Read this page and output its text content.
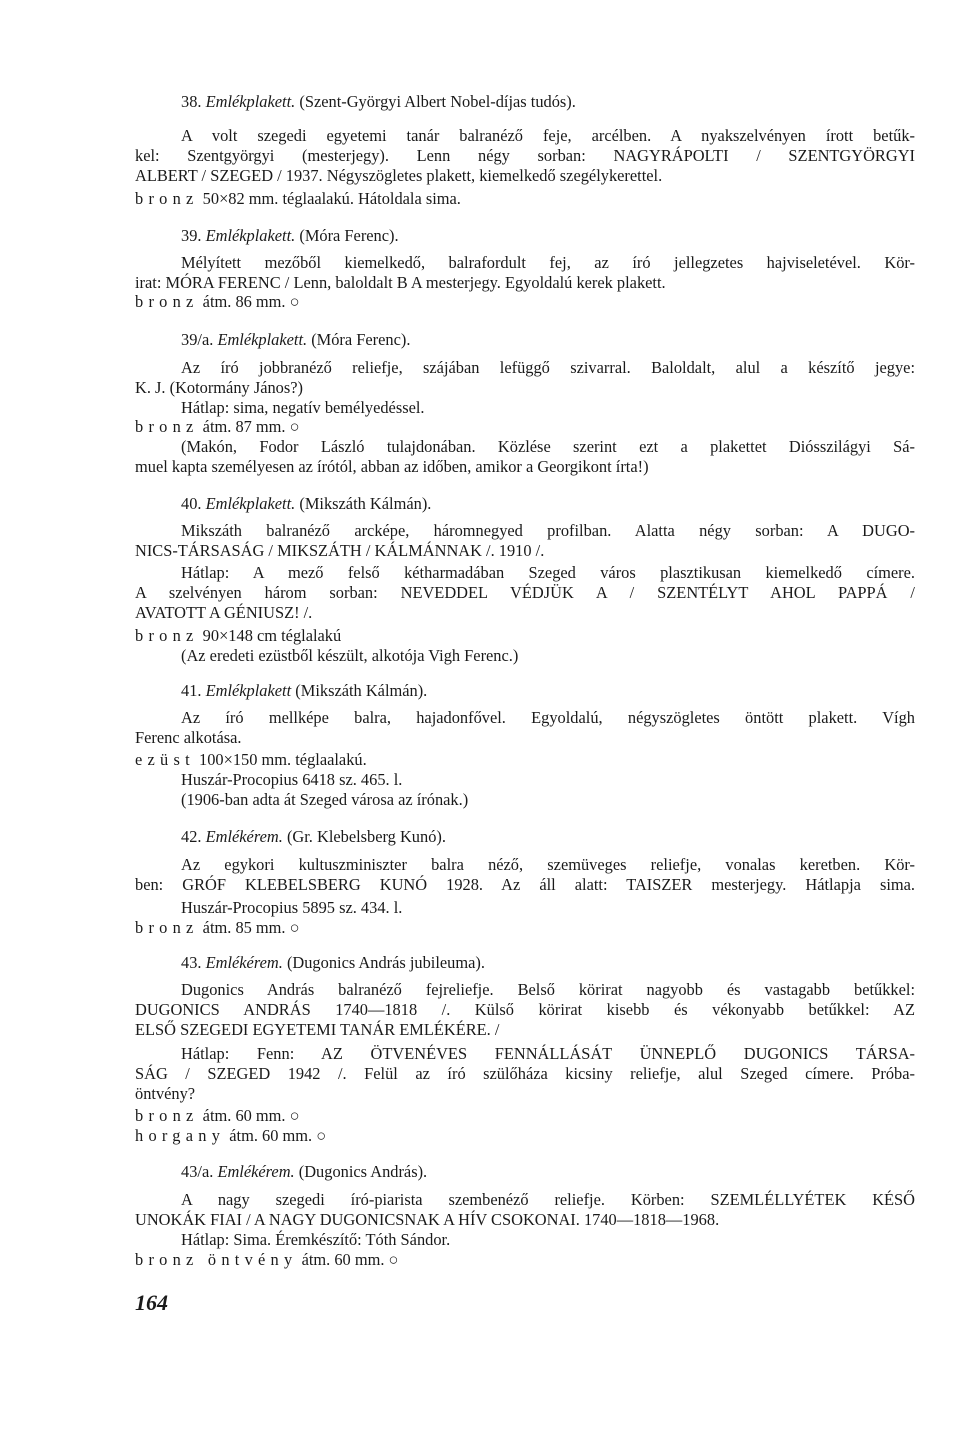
38. Emlékplakett. (Szent-Györgyi Albert Nobel-díjas tudós).
A volt szegedi egyetemi tanár balranéző feje, arcélben. A nyakszelvényen írott betűk-
kel: Szentgyörgyi (mesterjegy). Lenn négy sorban: NAGYRÁPOLTI / SZENTGYÖRGYI
ALBERT / SZEGED / 1937. Négyszögletes plakett, kiemelkedő szegélykerettel.
bronz 50×82 mm. téglaalakú. Hátoldala sima.
39. Emlékplakett. (Móra Ferenc).
Mélyített mezőből kiemelkedő, balrafordult fej, az író jellegzetes hajviseletével. Kör-
irat: MÓRA FERENC / Lenn, baloldalt B A mesterjegy. Egyoldalú kerek plakett.
bronz átm. 86 mm. ○
39/a. Emlékplakett. (Móra Ferenc).
Az író jobbranéző reliefje, szájában lefüggő szivarral. Baloldalt, alul a készítő jegye:
K. J. (Kotormány János?)
Hátlap: sima, negatív bemélyedéssel.
bronz átm. 87 mm. ○
(Makón, Fodor László tulajdonában. Közlése szerint ezt a plakettet Diósszilágyi Sá-
muel kapta személyesen az írótól, abban az időben, amikor a Georgikont írta!)
40. Emlékplakett. (Mikszáth Kálmán).
Mikszáth balranéző arcképe, háromnegyed profilban. Alatta négy sorban: A DUGO-
NICS-TÁRSASÁG / MIKSZÁTH / KÁLMÁNNAK /. 1910 /.
Hátlap: A mező felső kétharmadában Szeged város plasztikusan kiemelkedő címere.
A szelvényen három sorban: NEVEDDEL VÉDJÜK A / SZENTÉLYT AHOL PAPPÁ /
AVATOTT A GÉNIUSZ! /.
bronz 90×148 cm téglalakú
(Az eredeti ezüstből készült, alkotója Vigh Ferenc.)
41. Emlékplakett (Mikszáth Kálmán).
Az író mellképe balra, hajadonfővel. Egyoldalú, négyszögletes öntött plakett. Vígh
Ferenc alkotása.
ezüst 100×150 mm. téglaalakú.
Huszár-Procopius 6418 sz. 465. l.
(1906-ban adta át Szeged városa az írónak.)
42. Emlékérem. (Gr. Klebelsberg Kunó).
Az egykori kultuszminiszter balra néző, szemüveges reliefje, vonalas keretben. Kör-
ben: GRÓF KLEBELSBERG KUNÓ 1928. Az áll alatt: TAISZER mesterjegy. Hátlapja sima.
Huszár-Procopius 5895 sz. 434. l.
bronz átm. 85 mm. ○
43. Emlékérem. (Dugonics András jubileuma).
Dugonics András balranéző fejreliefje. Belső körirat nagyobb és vastagabb betűkkel:
DUGONICS ANDRÁS 1740—1818 /. Külső körirat kisebb és vékonyabb betűkkel: AZ
ELSŐ SZEGEDI EGYETEMI TANÁR EMLÉKÉRE. /
Hátlap: Fenn: AZ ÖTVENÉVES FENNÁLLÁSÁT ÜNNEPLŐ DUGONICS TÁRSA-
SÁG / SZEGED 1942 /. Felül az író szülőháza kicsiny reliefje, alul Szeged címere. Próba-
öntvény?
bronz átm. 60 mm. ○
horgany átm. 60 mm. ○
43/a. Emlékérem. (Dugonics András).
A nagy szegedi író-piarista szembenéző reliefje. Körben: SZEMLÉLLYÉTEK KÉSŐ
UNOKÁK FIAI / A NAGY DUGONICSNAK A HÍV CSOKONAI. 1740—1818—1968.
Hátlap: Sima. Éremkészítő: Tóth Sándor.
bronz öntvény átm. 60 mm. ○
164
